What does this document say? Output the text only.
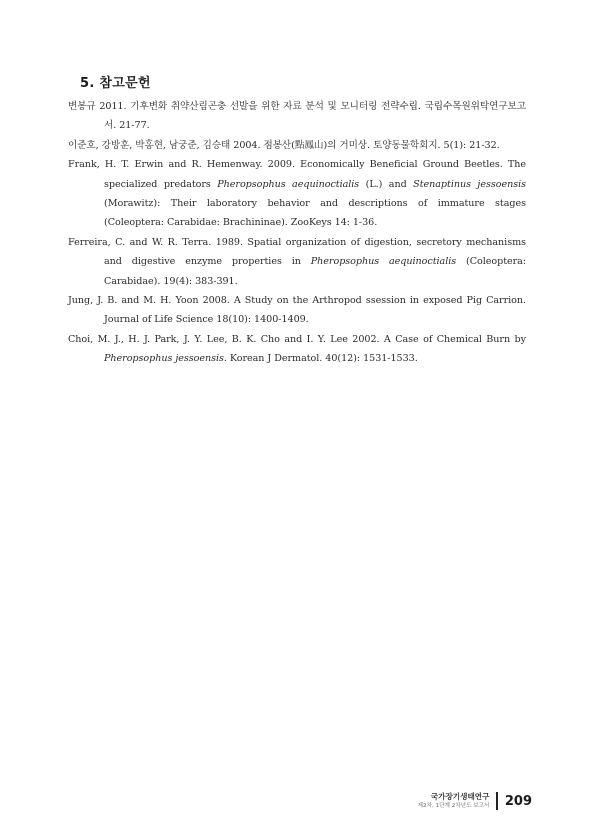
5. 참고문헌

변봉규 2011. 기후변화 취약산림곤충 선발을 위한 자료 분석 및 모니터링 전략수립. 국립수목원위탁연구보고서. 21-77.

이준호, 강방훈, 박홍현, 남궁준, 김승태 2004. 점봉산(點鳳山)의 거미상. 토양동물학회지. 5(1): 21-32.

Frank, H. T. Erwin and R. Hemenway. 2009. Economically Beneficial Ground Beetles. The specialized predators Pheropsophus aequinoctialis (L.) and Stenaptinus jessoensis (Morawitz): Their laboratory behavior and descriptions of immature stages (Coleoptera: Carabidae: Brachininae). ZooKeys 14: 1-36.

Ferreira, C. and W. R. Terra. 1989. Spatial organization of digestion, secretory mechanisms and digestive enzyme properties in Pheropsophus aequinoctialis (Coleoptera: Carabidae). 19(4): 383-391.

Jung, J. B. and M. H. Yoon 2008. A Study on the Arthropod ssession in exposed Pig Carrion. Journal of Life Science 18(10): 1400-1409.

Choi, M. J., H. J. Park, J. Y. Lee, B. K. Cho and I. Y. Lee 2002. A Case of Chemical Burn by Pheropsophus jessoensis. Korean J Dermatol. 40(12): 1531-1533.

국가장기생태연구
제2차, 1단계 2차년도 보고서 209
